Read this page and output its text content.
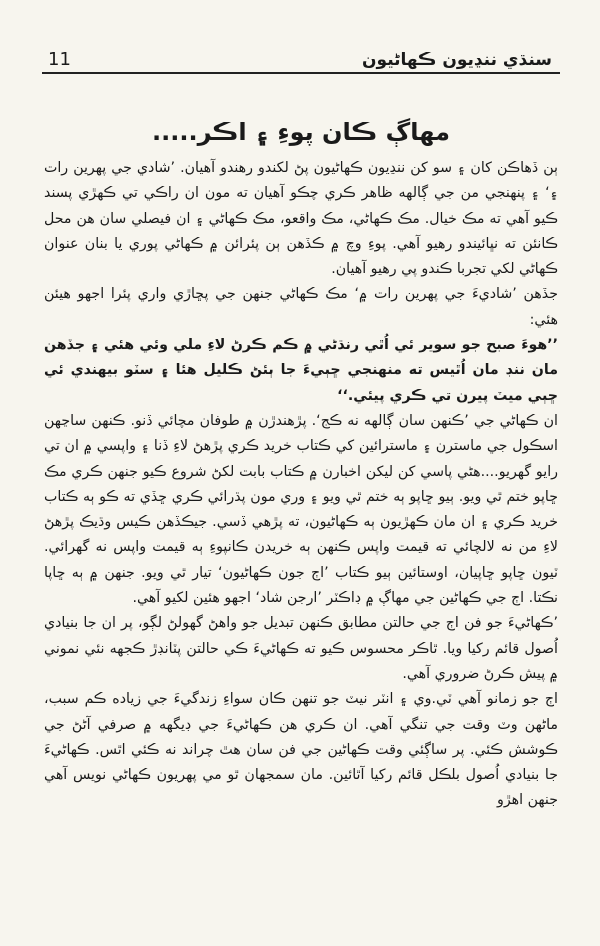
11	سنڌي ننڍيون ڪهاڻيون
مهاڳ ڪان پوءِ ۽ اڪر.....

ٻن ڏهاڪن کان ۽ سو کن ننڍيون ڪهاڻيون پڻ لکندو رهندو آهيان. ’شادي جي پهرين رات ۽‘ ۽ پنهنجي من جي ڳالهه ظاهر ڪري چڪو آهيان ته مون ان راڪي تي ڪهڙي پسند ڪيو آهي ته مڪ خيال. مڪ ڪهاڻي، مڪ واقعو، مڪ ڪهاڻي ۽ ان فيصلي سان هن محل ڪانئن ته نڀائيندو رهيو آهي. پوءِ وچ ۾ ڪڏهن ٻن پئرائن ۾ ڪهاڻي پوري يا بنان عنوان ڪهاڻي لکي تجربا ڪندو پي رهيو آهيان.

جڏهن ’شاديءَ جي پهرين رات ۾‘ مڪ ڪهاڻي جنهن جي پڇاڙي واري پئرا اجهو هيئن هئي:

’’هوءَ صبح جو سوير ئي اُٿي رنڌڻي ۾ ڪم ڪرڻ لاءِ ملي وئي هئي ۽ جڏهن مان ننڊ مان اُٿيس ته منهنجي ڇٻيءَ جا ٻئڻ ڪليل هئا ۽ سٽو بيهندي ئي ڇٻي ميٽ پيرن تي ڪري پيئي.‘‘

ان ڪهاڻي جي ’ڪنهن سان ڳالهه نه ڪج‘. پڙهندڙن ۾ طوفان مچائي ڏنو. ڪنهن ساڃهن اسڪول جي ماسترن ۽ ماسترائين کي ڪتاب خريد ڪري پڙهڻ لاءِ ڏنا ۽ واپسي ۾ ان تي رايو گهريو....هڻي پاسي کن ليکن اخبارن ۾ ڪتاب بابت لکڻ شروع ڪيو جنهن ڪري مڪ ڇاپو ختم ٿي ويو. ٻيو ڇاپو ٻه ختم ٿي ويو ۽ وري مون پڌرائي ڪري ڇڏي ته ڪو ٻه ڪتاب خريد ڪري ۽ ان مان ڪهڙيون ٻه ڪهاڻيون، ته پڙهي ڏسي. جيڪڏهن ڪيس وڌيڪ پڙهڻ لاءِ من نه لالچائي ته قيمت واپس ڪنهن ٻه خريدن ڪانپوءِ ٻه قيمت واپس نه گهرائي. ٽيون ڇاپو ڇاپيان، اوستائين ٻيو ڪتاب ’اڄ جون ڪهاڻيون‘ تيار ٿي ويو. جنهن ۾ ٻه ڇاپا نڪتا. اڄ جي ڪهاڻين جي مهاڳ ۾ ڊاڪٽر ’ارجن شاد‘ اجهو هئين لکيو آهي.

’ڪهاڻيءَ جو فن اڄ جي حالتن مطابق ڪنهن تبديل جو واهڻ گهولڻ لڳو، پر ان جا بنيادي اُصول قائم رکيا ويا. ٿاڪر محسوس ڪيو ته ڪهاڻيءَ ڪي حالتن پٽانڊڙ ڪجهه نئي نموني ۾ پيش ڪرڻ ضروري آهي.

اڄ جو زمانو آهي ٽي.وي ۽ انٽر نيٽ جو تنهن ڪان سواءِ زندگيءَ جي زياده ڪم سبب، ماڻهن وٽ وقت جي تنگي آهي. ان ڪري هن ڪهاڻيءَ جي ڊيگهه ۾ صرفي آڻڻ جي ڪوشش ڪئي. پر ساڳئي وقت ڪهاڻين جي فن سان هٿ چراند نه ڪئي اٿس. ڪهاڻيءَ جا بنيادي اُصول بلڪل قائم رکيا آٿائين. مان سمجهان ٿو مي پهريون ڪهاڻي نويس آهي جنهن اهڙو
